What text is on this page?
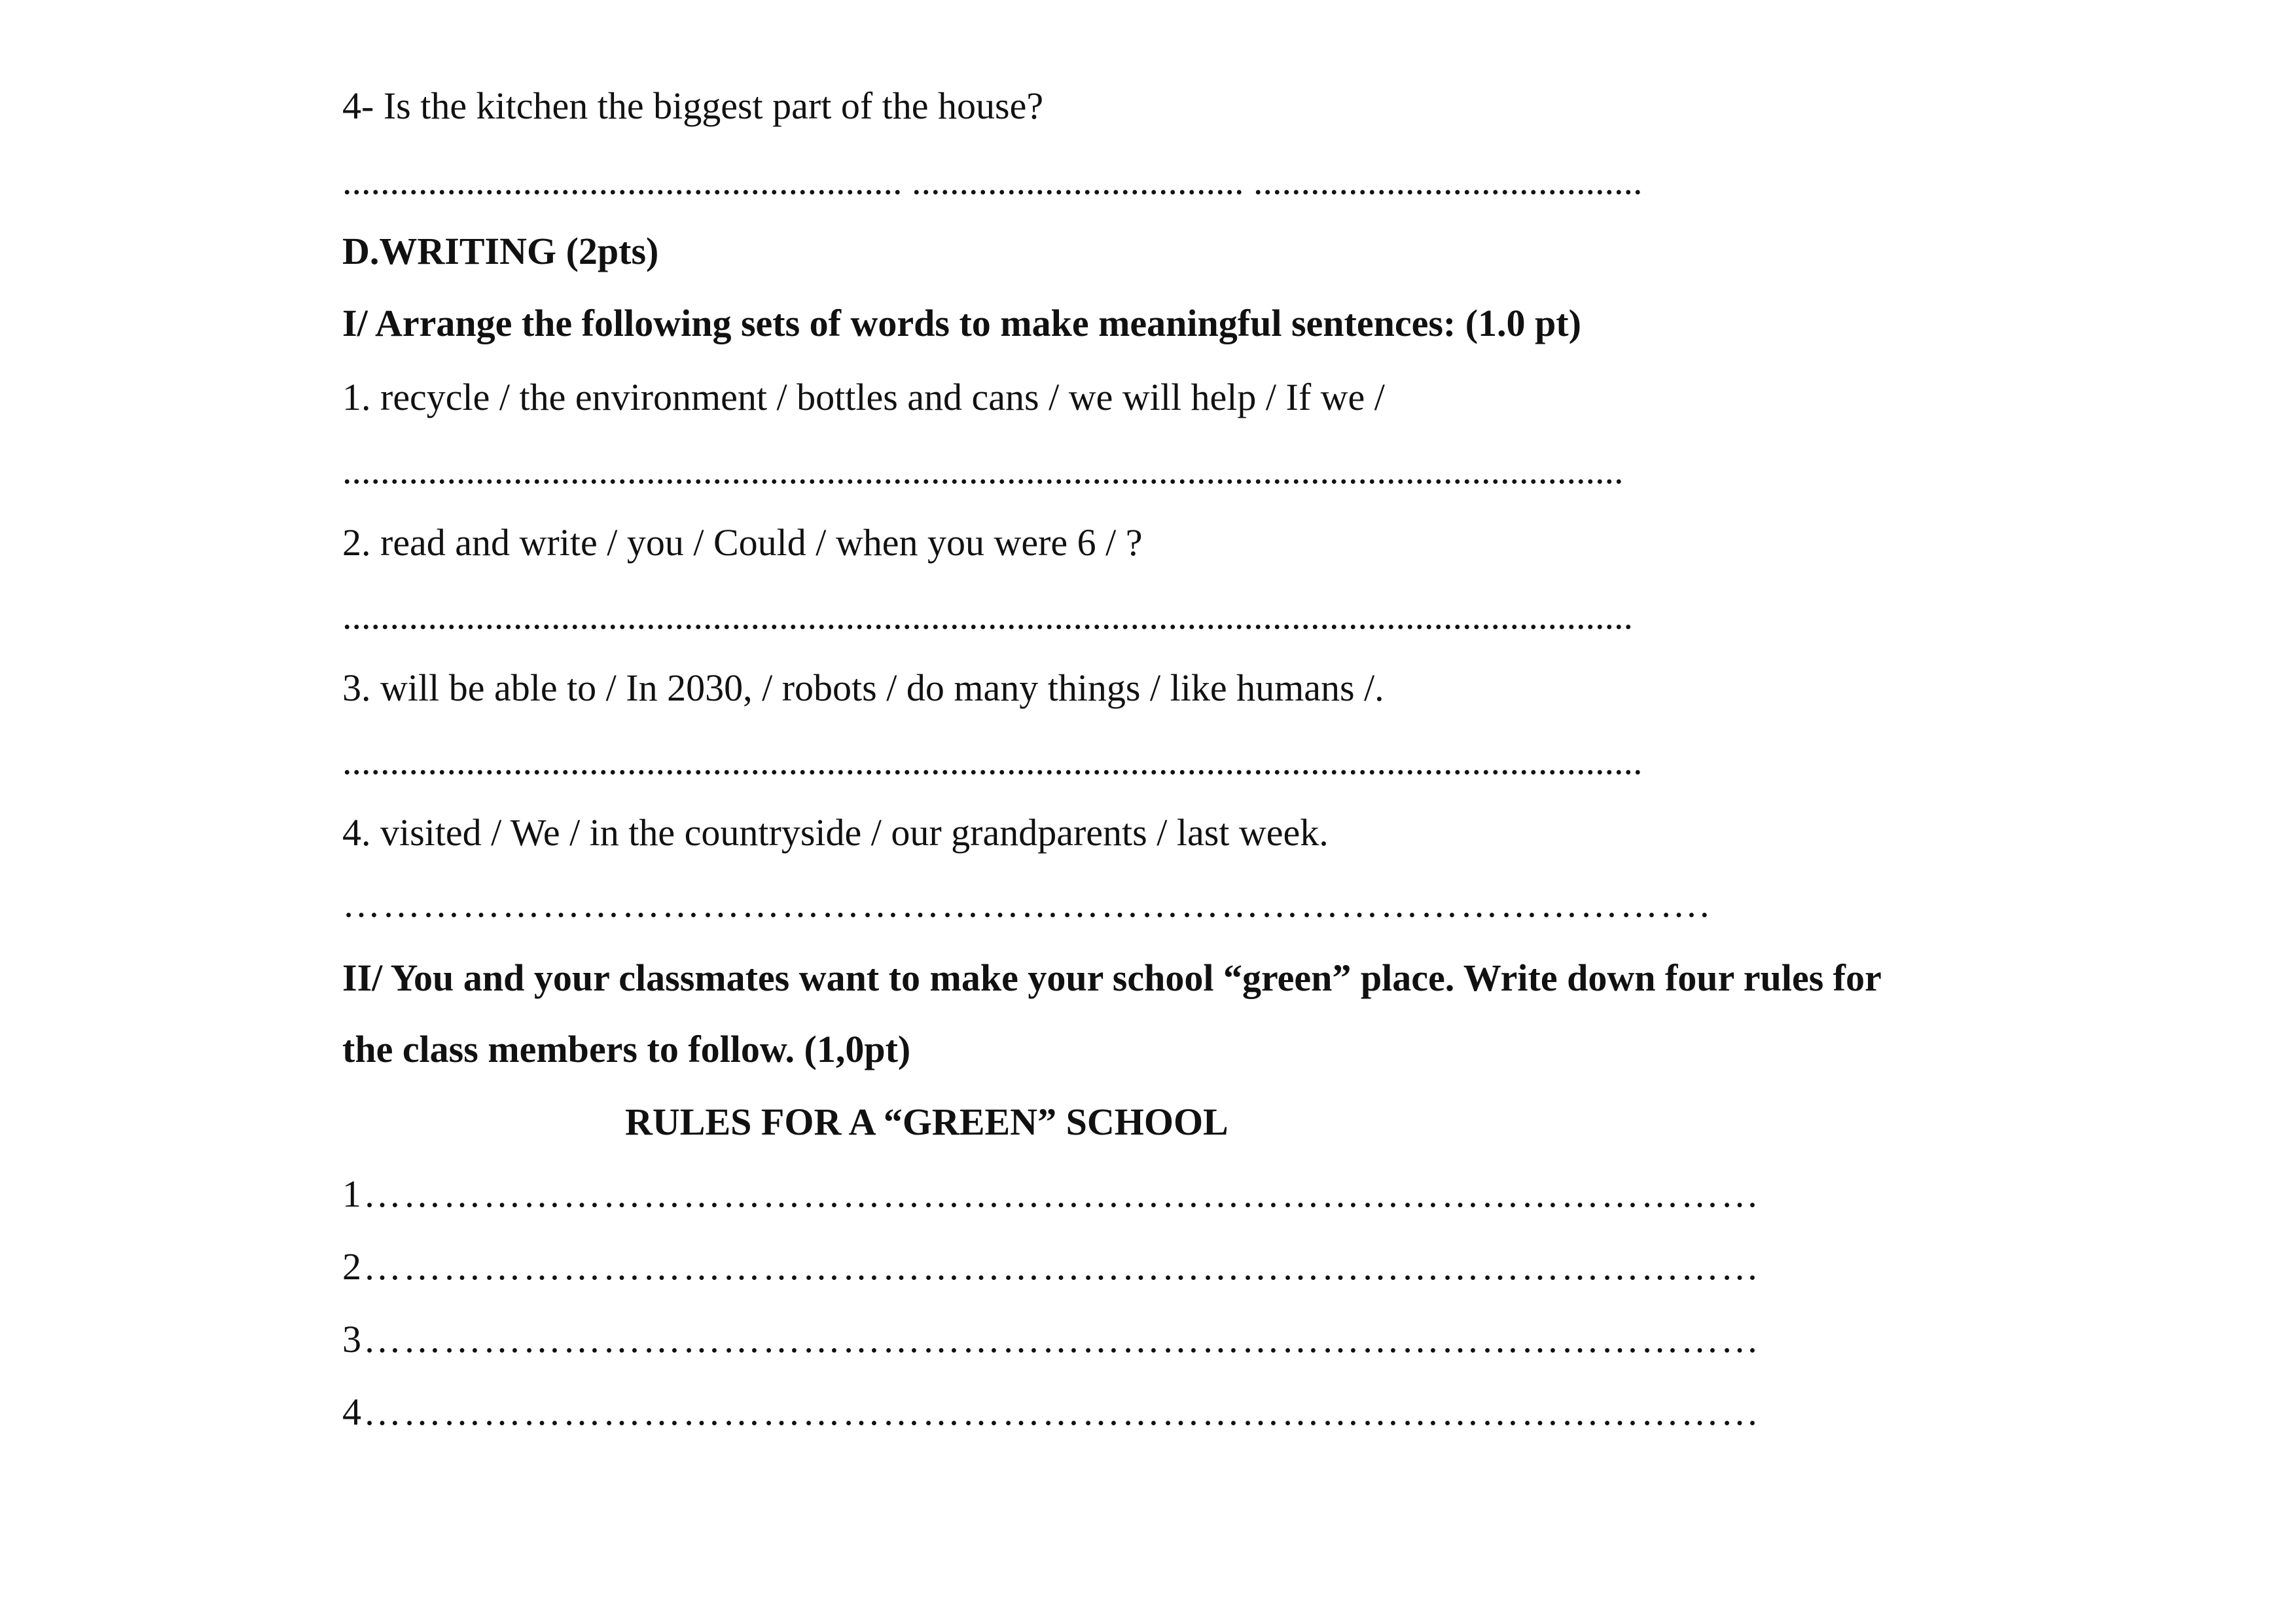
4- Is the kitchen the biggest part of the house?
........................................................... ................................... .........................................
D.WRITING (2pts)
I/ Arrange the following sets of words to make meaningful sentences: (1.0 pt)
1. recycle / the environment / bottles and cans / we will help / If we /
.......................................................................................................................................
2. read and write / you / Could / when you were 6 / ?
........................................................................................................................................
3. will be able to / In 2030, / robots / do many things / like humans /.
.........................................................................................................................................
4. visited / We / in the countryside / our grandparents / last week.
………………………………………………………………………………………….
II/ You and your classmates want to make your school “green” place. Write down four rules for
the class members to follow. (1,0pt)
RULES FOR A “GREEN” SCHOOL
1……………………………………………………………………………………………
2……………………………………………………………………………………………
3……………………………………………………………………………………………
4……………………………………………………………………………………………
